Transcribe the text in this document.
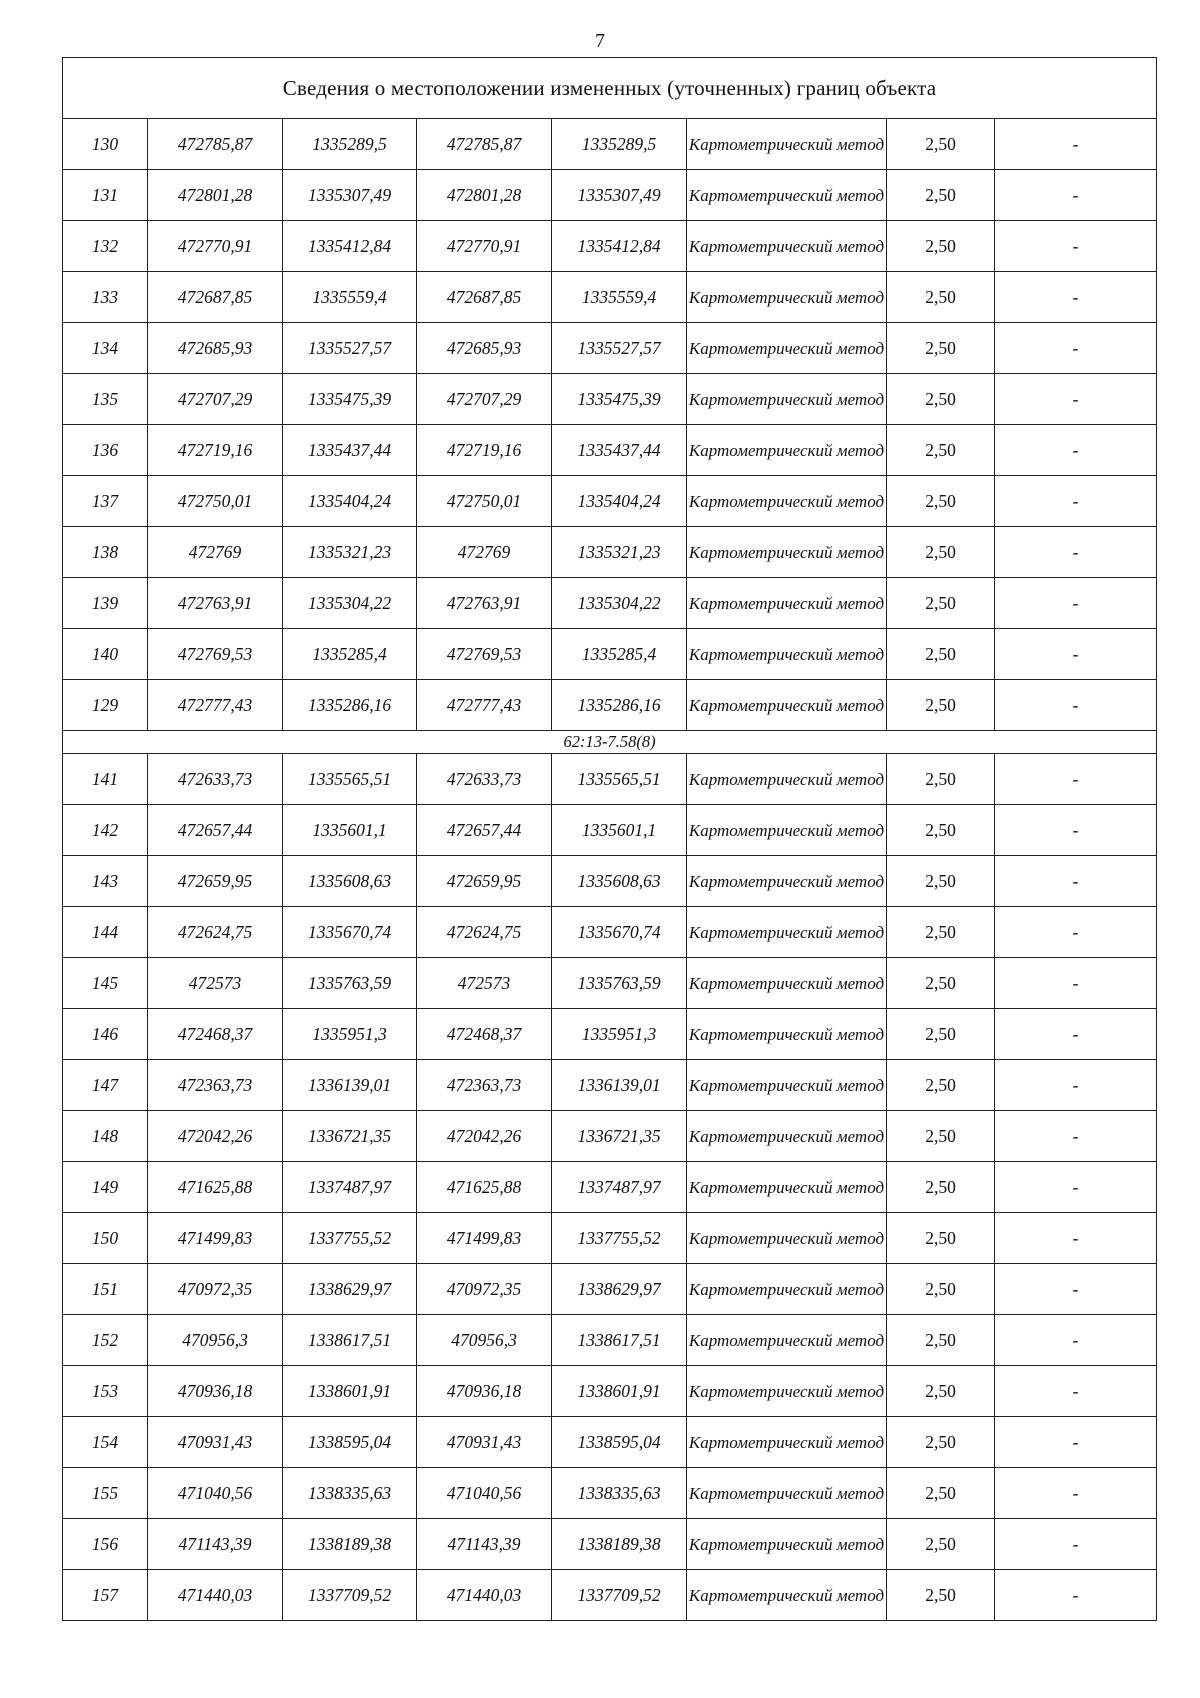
7
Сведения о местоположении измененных (уточненных) границ объекта							
130	472785,87	1335289,5	472785,87	1335289,5	Картометрический метод	2,50	-
131	472801,28	1335307,49	472801,28	1335307,49	Картометрический метод	2,50	-
132	472770,91	1335412,84	472770,91	1335412,84	Картометрический метод	2,50	-
133	472687,85	1335559,4	472687,85	1335559,4	Картометрический метод	2,50	-
134	472685,93	1335527,57	472685,93	1335527,57	Картометрический метод	2,50	-
135	472707,29	1335475,39	472707,29	1335475,39	Картометрический метод	2,50	-
136	472719,16	1335437,44	472719,16	1335437,44	Картометрический метод	2,50	-
137	472750,01	1335404,24	472750,01	1335404,24	Картометрический метод	2,50	-
138	472769	1335321,23	472769	1335321,23	Картометрический метод	2,50	-
139	472763,91	1335304,22	472763,91	1335304,22	Картометрический метод	2,50	-
140	472769,53	1335285,4	472769,53	1335285,4	Картометрический метод	2,50	-
129	472777,43	1335286,16	472777,43	1335286,16	Картометрический метод	2,50	-
62:13-7.58(8)							
141	472633,73	1335565,51	472633,73	1335565,51	Картометрический метод	2,50	-
142	472657,44	1335601,1	472657,44	1335601,1	Картометрический метод	2,50	-
143	472659,95	1335608,63	472659,95	1335608,63	Картометрический метод	2,50	-
144	472624,75	1335670,74	472624,75	1335670,74	Картометрический метод	2,50	-
145	472573	1335763,59	472573	1335763,59	Картометрический метод	2,50	-
146	472468,37	1335951,3	472468,37	1335951,3	Картометрический метод	2,50	-
147	472363,73	1336139,01	472363,73	1336139,01	Картометрический метод	2,50	-
148	472042,26	1336721,35	472042,26	1336721,35	Картометрический метод	2,50	-
149	471625,88	1337487,97	471625,88	1337487,97	Картометрический метод	2,50	-
150	471499,83	1337755,52	471499,83	1337755,52	Картометрический метод	2,50	-
151	470972,35	1338629,97	470972,35	1338629,97	Картометрический метод	2,50	-
152	470956,3	1338617,51	470956,3	1338617,51	Картометрический метод	2,50	-
153	470936,18	1338601,91	470936,18	1338601,91	Картометрический метод	2,50	-
154	470931,43	1338595,04	470931,43	1338595,04	Картометрический метод	2,50	-
155	471040,56	1338335,63	471040,56	1338335,63	Картометрический метод	2,50	-
156	471143,39	1338189,38	471143,39	1338189,38	Картометрический метод	2,50	-
157	471440,03	1337709,52	471440,03	1337709,52	Картометрический метод	2,50	-
